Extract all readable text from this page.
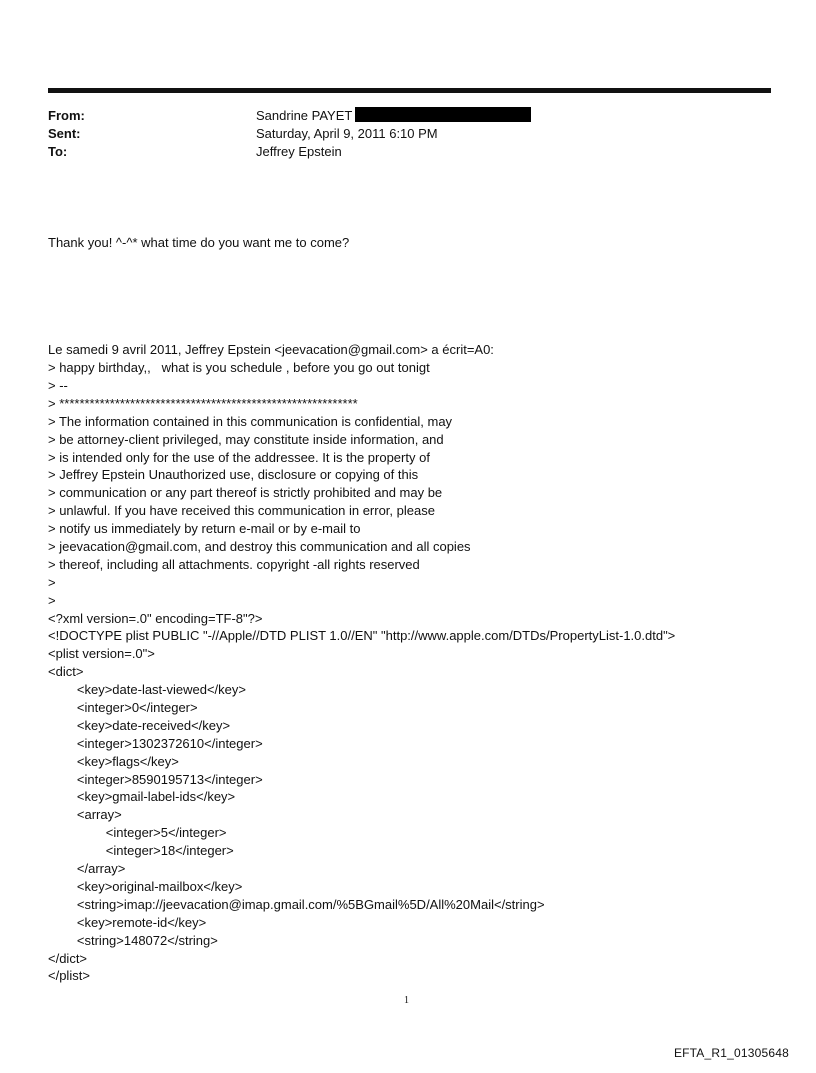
From:	Sandrine PAYET
Sent:	Saturday, April 9, 2011 6:10 PM
To:	Jeffrey Epstein

Thank you! ^-^* what time do you want me to come?

Le samedi 9 avril 2011, Jeffrey Epstein <jeevacation@gmail.com> a écrit=A0:
> happy birthday,,   what is you schedule , before you go out tonigt
> --
> ***********************************************************
> The information contained in this communication is confidential, may
> be attorney-client privileged, may constitute inside information, and
> is intended only for the use of the addressee. It is the property of
> Jeffrey Epstein Unauthorized use, disclosure or copying of this
> communication or any part thereof is strictly prohibited and may be
> unlawful. If you have received this communication in error, please
> notify us immediately by return e-mail or by e-mail to
> jeevacation@gmail.com, and destroy this communication and all copies
> thereof, including all attachments. copyright -all rights reserved
>
>
<?xml version=.0" encoding=TF-8"?>
<!DOCTYPE plist PUBLIC "-//Apple//DTD PLIST 1.0//EN" "http://www.apple.com/DTDs/PropertyList-1.0.dtd">
<plist version=.0">
<dict>
<key>date-last-viewed</key>
<integer>0</integer>
<key>date-received</key>
<integer>1302372610</integer>
<key>flags</key>
<integer>8590195713</integer>
<key>gmail-label-ids</key>
<array>
<integer>5</integer>
<integer>18</integer>
</array>
<key>original-mailbox</key>
<string>imap://jeevacation@imap.gmail.com/%5BGmail%5D/All%20Mail</string>
<key>remote-id</key>
<string>148072</string>
</dict>
</plist>

1
EFTA_R1_01305648
